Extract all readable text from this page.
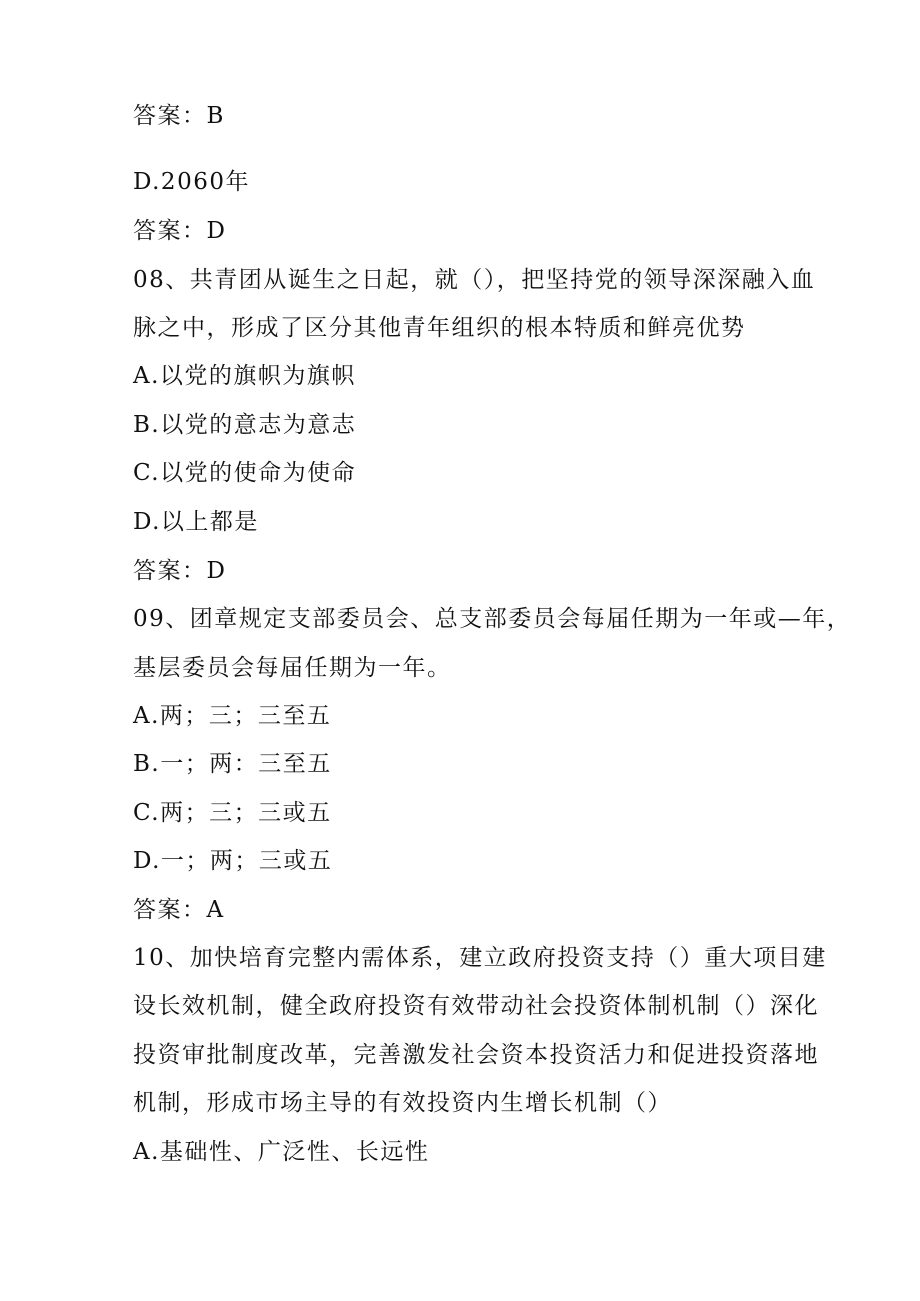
答案：B
D.2060年
答案：D
08、共青团从诞生之日起，就（），把坚持党的领导深深融入血
脉之中，形成了区分其他青年组织的根本特质和鲜亮优势
A.以党的旗帜为旗帜
B.以党的意志为意志
C.以党的使命为使命
D.以上都是
答案：D
09、团章规定支部委员会、总支部委员会每届任期为一年或—年，
基层委员会每届任期为一年。
A.两；三；三至五
B.一；两：三至五
C.两；三；三或五
D.一；两；三或五
答案：A
10、加快培育完整内需体系，建立政府投资支持（）重大项目建
设长效机制，健全政府投资有效带动社会投资体制机制（）深化
投资审批制度改革，完善激发社会资本投资活力和促进投资落地
机制，形成市场主导的有效投资内生增长机制（）
A.基础性、广泛性、长远性
